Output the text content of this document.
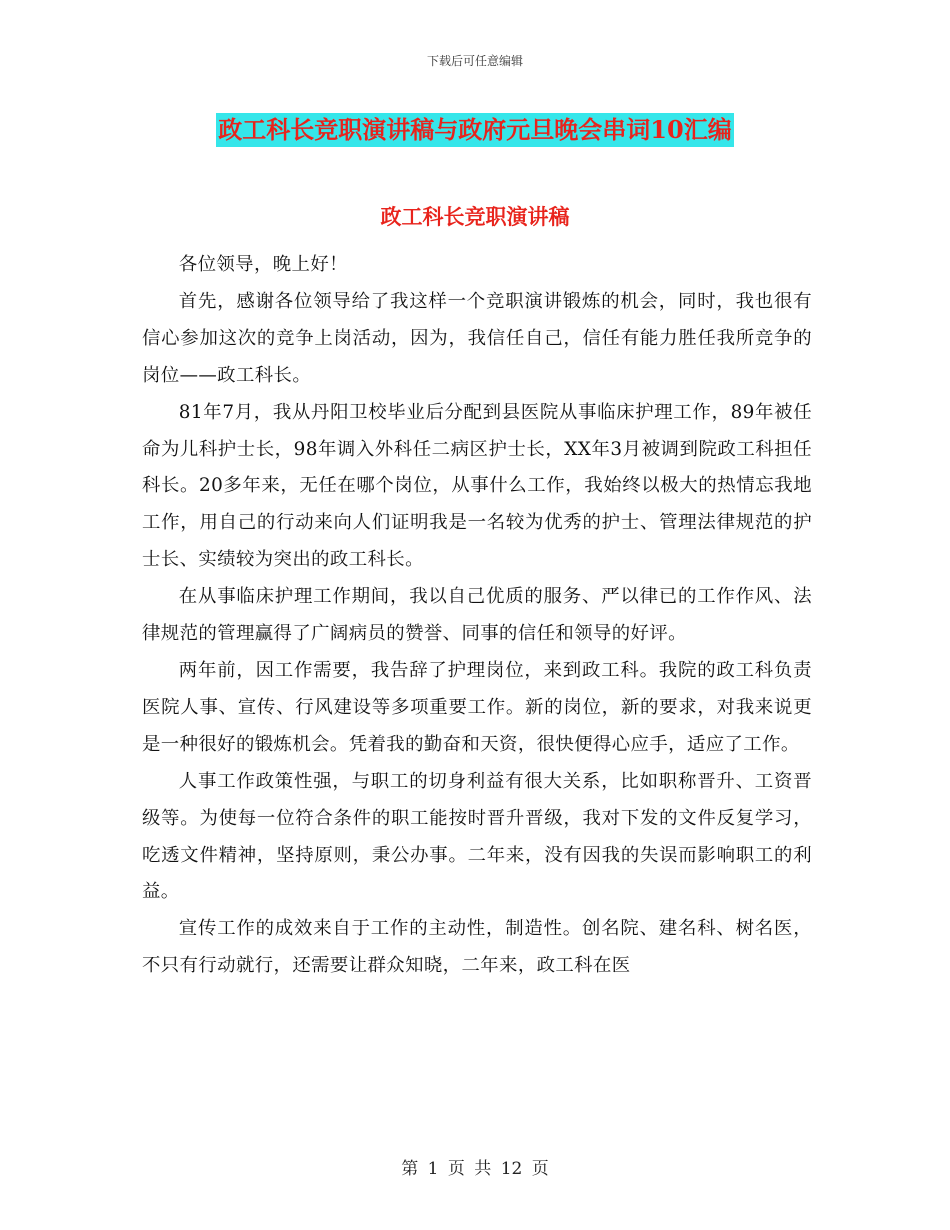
下载后可任意编辑
政工科长竞职演讲稿与政府元旦晚会串词10汇编
政工科长竞职演讲稿

各位领导，晚上好！

首先，感谢各位领导给了我这样一个竞职演讲锻炼的机会，同时，我也很有信心参加这次的竞争上岗活动，因为，我信任自己，信任有能力胜任我所竞争的岗位——政工科长。

81年7月，我从丹阳卫校毕业后分配到县医院从事临床护理工作，89年被任命为儿科护士长，98年调入外科任二病区护士长，XX年3月被调到院政工科担任科长。20多年来，无任在哪个岗位，从事什么工作，我始终以极大的热情忘我地工作，用自己的行动来向人们证明我是一名较为优秀的护士、管理法律规范的护士长、实绩较为突出的政工科长。

在从事临床护理工作期间，我以自己优质的服务、严以律已的工作作风、法律规范的管理赢得了广阔病员的赞誉、同事的信任和领导的好评。

两年前，因工作需要，我告辞了护理岗位，来到政工科。我院的政工科负责医院人事、宣传、行风建设等多项重要工作。新的岗位，新的要求，对我来说更是一种很好的锻炼机会。凭着我的勤奋和天资，很快便得心应手，适应了工作。

人事工作政策性强，与职工的切身利益有很大关系，比如职称晋升、工资晋级等。为使每一位符合条件的职工能按时晋升晋级，我对下发的文件反复学习，吃透文件精神，坚持原则，秉公办事。二年来，没有因我的失误而影响职工的利益。

宣传工作的成效来自于工作的主动性，制造性。创名院、建名科、树名医，不只有行动就行，还需要让群众知晓，二年来，政工科在医

第 1 页 共 12 页
